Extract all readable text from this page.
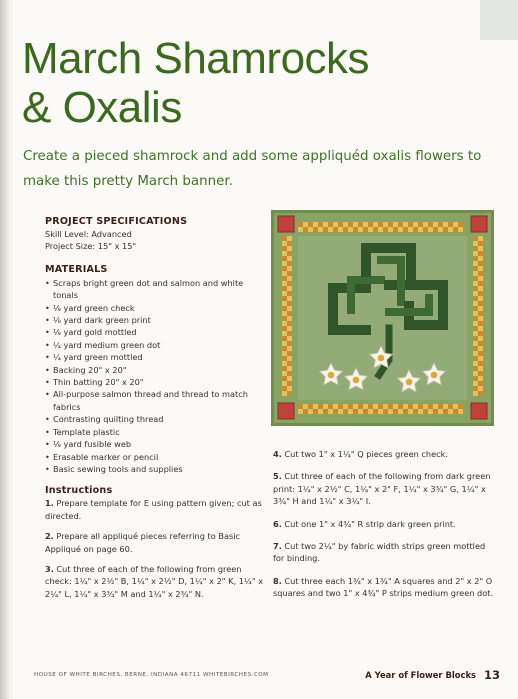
March Shamrocks
& Oxalis
Create a pieced shamrock and add some appliquéd oxalis flowers to make this pretty March banner.
PROJECT SPECIFICATIONS
Skill Level: Advanced
Project Size: 15" x 15"
MATERIALS
• Scraps bright green dot and salmon and white tonals
• ⅛ yard green check
• ⅛ yard dark green print
• ⅛ yard gold mottled
• ¼ yard medium green dot
• ¼ yard green mottled
• Backing 20" x 20"
• Thin batting 20" x 20"
• All-purpose salmon thread and thread to match fabrics
• Contrasting quilting thread
• Template plastic
• ⅛ yard fusible web
• Erasable marker or pencil
• Basic sewing tools and supplies
Instructions
1. Prepare template for E using pattern given; cut as directed.
2. Prepare all appliqué pieces referring to Basic Appliqué on page 60.
3. Cut three of each of the following from green check: 1¼" x 2½" B, 1¼" x 2½" D, 1¼" x 2" K, 1¼" x 2¼" L, 1¼" x 3¾" M and 1¼" x 2¾" N.
4. Cut two 1" x 1¼" Q pieces green check.
5. Cut three of each of the following from dark green print: 1¼" x 2½" C, 1¼" x 2" F, 1¼" x 3¾" G, 1¼" x 3¾" H and 1¼" x 3¼" I.
6. Cut one 1" x 4¾" R strip dark green print.
7. Cut two 2¼" by fabric width strips green mottled for binding.
8. Cut three each 1¾" x 1¾" A squares and 2" x 2" O squares and two 1" x 4¾" P strips medium green dot.
HOUSE OF WHITE BIRCHES, BERNE, INDIANA 46711 WHITEBIRCHES.COM	A Year of Flower Blocks 13
